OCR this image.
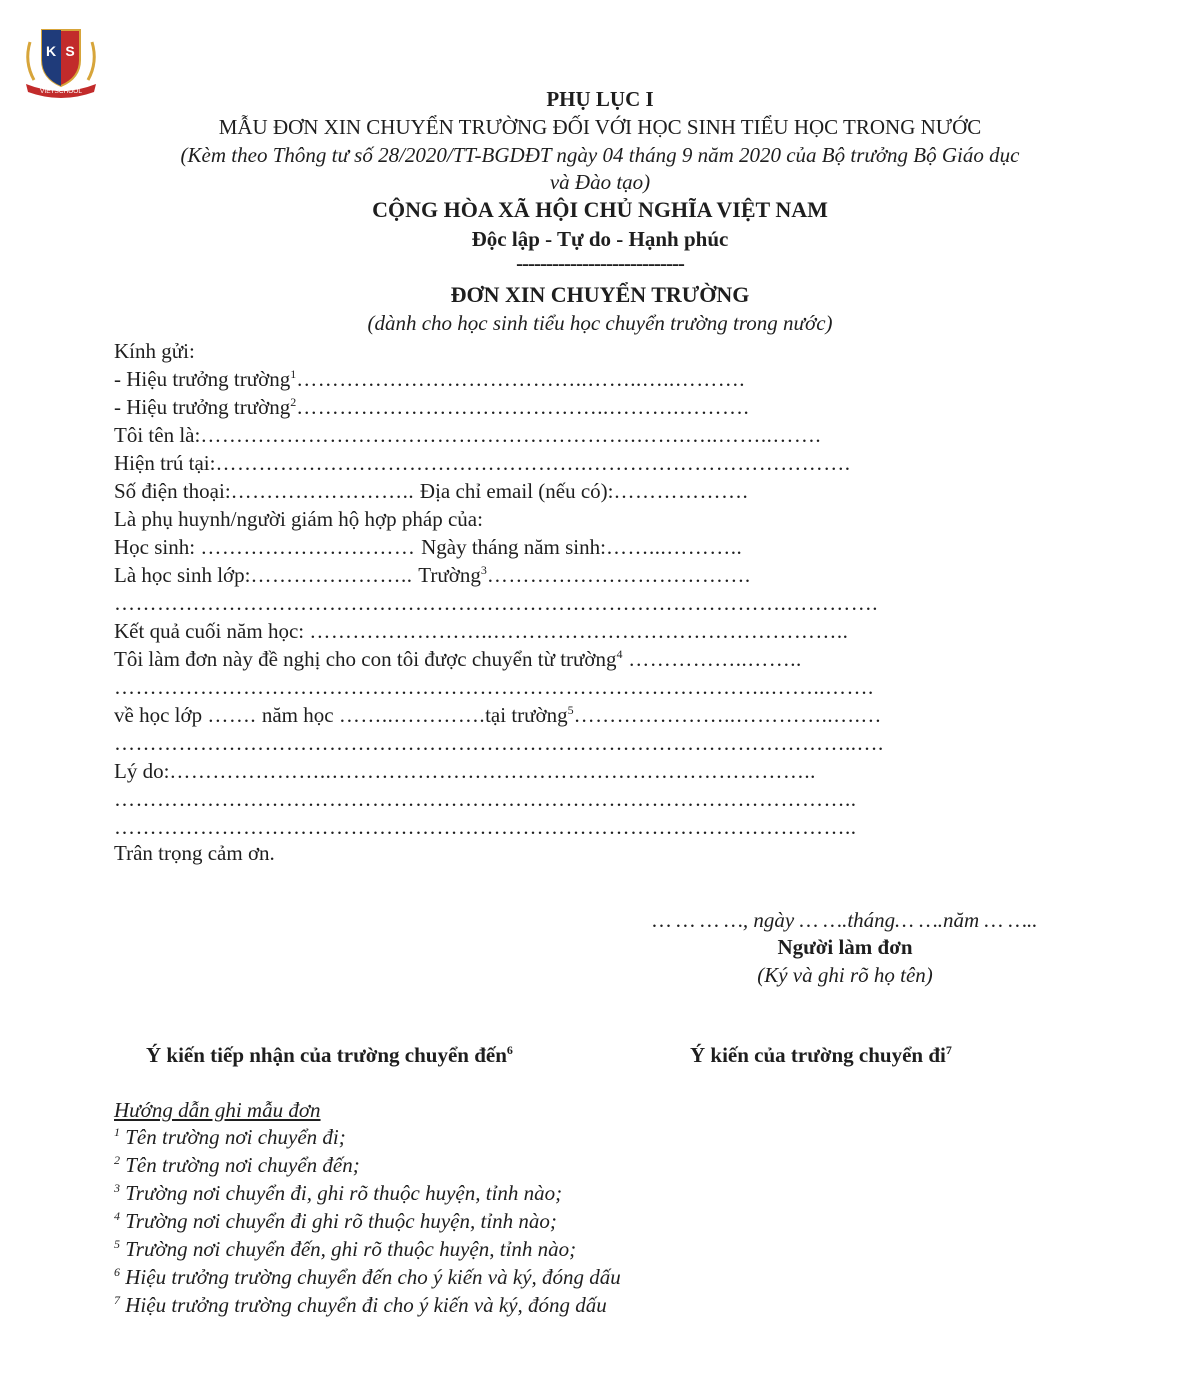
K S
VIETSCHOOL	PHỤ LỤC I
MẪU ĐƠN XIN CHUYỂN TRƯỜNG ĐỐI VỚI HỌC SINH TIỂU HỌC TRONG NƯỚC
(Kèm theo Thông tư số 28/2020/TT-BGDĐT ngày 04 tháng 9 năm 2020 của Bộ trưởng Bộ Giáo dục
và Đào tạo)
CỘNG HÒA XÃ HỘI CHỦ NGHĨA VIỆT NAM
Độc lập - Tự do - Hạnh phúc
----------------------------
ĐƠN XIN CHUYỂN TRƯỜNG
(dành cho học sinh tiểu học chuyển trường trong nước)
Kính gửi:
- Hiệu trưởng trường$^1$…………………………………..……..…..……….
- Hiệu trưởng trường$^2$……………………………………..……….……….
Tôi tên là:…………………………………………………….…….…..……..…….
Hiện trú tại:…………………………………………….……………………………….
Số điện thoại:…………………….. Địa chỉ email (nếu có):……………….
Là phụ huynh/người giám hộ hợp pháp của:
Học sinh: ………………………… Ngày tháng năm sinh:……...………..
Là học sinh lớp:………………….. Trường$^3$……………………………….
………………………………………………………………………………….………….
Kết quả cuối năm học: ……………………..…………………………………………..
Tôi làm đơn này đề nghị cho con tôi được chuyển từ trường$^4$ ……………..……..
………………………………………………………………………………..……..…….
về học lớp ……. năm học ……..………….tại trường$^5$…………………..…………..….…
…………………………………………………………………………………………..….
Lý do:…………………..…………………………………………………………..
…………………………………………………………………………………………..
…………………………………………………………………………………………..
Trân trọng cảm ơn.
… … … …, ngày … ….tháng… ….năm … …..
Người làm đơn
(Ký và ghi rõ họ tên)
Ý kiến tiếp nhận của trường chuyển đến$^6$	Ý kiến của trường chuyển $đi^7$
Hướng dẫn ghi mẫu đơn
$^1$ Tên trường nơi chuyển đi;
$^2$ Tên trường nơi chuyển đến;
$^3$ Trường nơi chuyển đi, ghi rõ thuộc huyện, tỉnh nào;
$^4$ Trường nơi chuyển đi ghi rõ thuộc huyện, tỉnh nào;
$^5$ Trường nơi chuyển đến, ghi rõ thuộc huyện, tỉnh nào;
$^6$ Hiệu trưởng trường chuyển đến cho ý kiến và ký, đóng dấu
$^7$ Hiệu trưởng trường chuyển đi cho ý kiến và ký, đóng dấu
